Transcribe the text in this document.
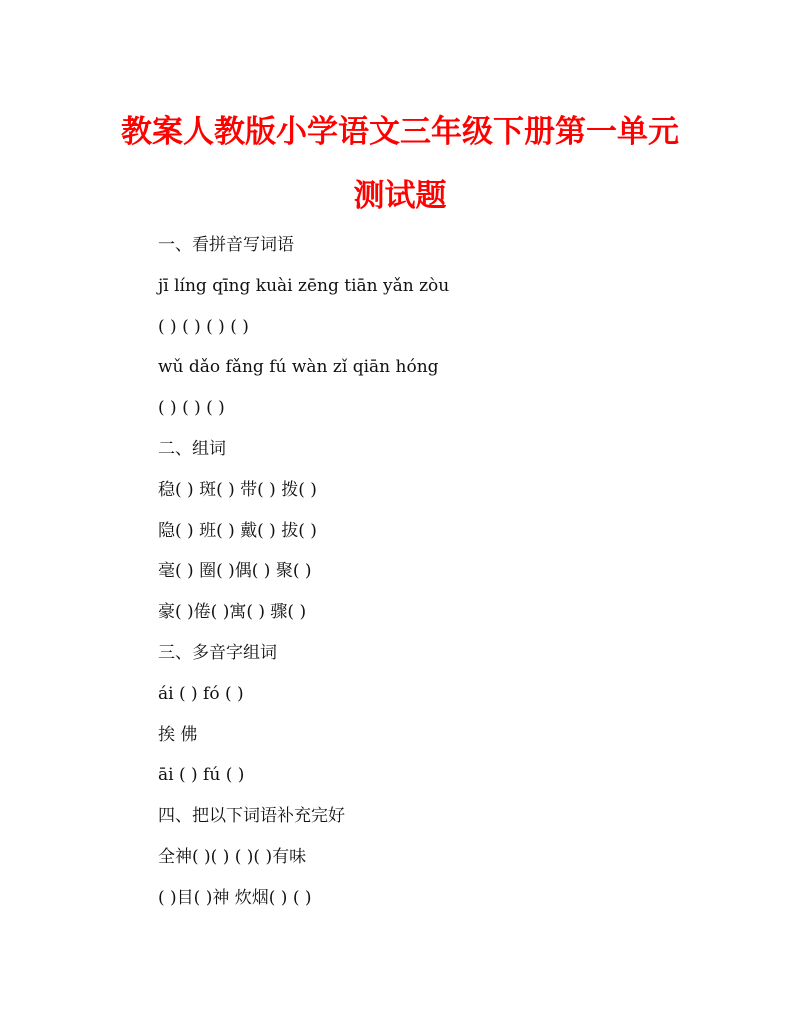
教案人教版小学语文三年级下册第一单元
测试题
一、看拼音写词语
jī líng qīng kuài zēng tiān yǎn zòu
( ) ( ) ( ) ( )
wǔ dǎo fǎng fú wàn zǐ qiān hóng
( ) ( ) ( )
二、组词
稳( ) 斑( ) 带( ) 拨( )
隐( ) 班( ) 戴( ) 拔( )
毫( ) 圈( )偶( ) 聚( )
豪( )倦( )寓( ) 骤( )
三、多音字组词
ái ( ) fó ( )
挨 佛
āi ( ) fú ( )
四、把以下词语补充完好
全神( )( ) ( )( )有味
( )目( )神 炊烟( ) ( )
